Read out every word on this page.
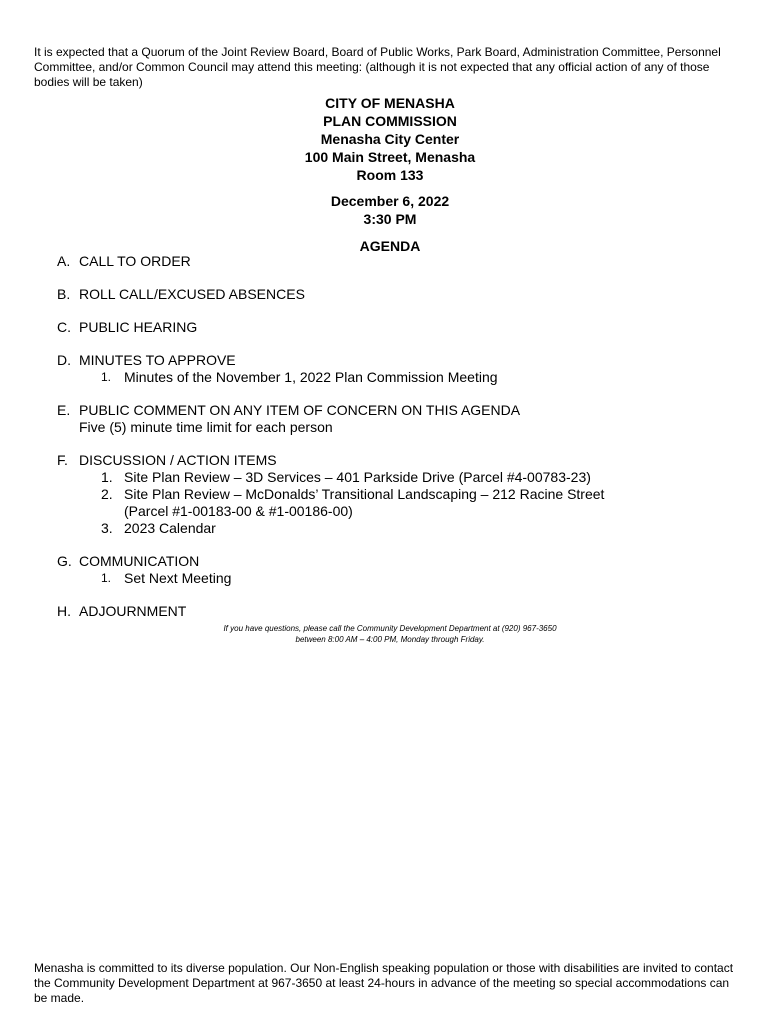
It is expected that a Quorum of the Joint Review Board, Board of Public Works, Park Board, Administration Committee, Personnel Committee, and/or Common Council may attend this meeting: (although it is not expected that any official action of any of those bodies will be taken)
CITY OF MENASHA
PLAN COMMISSION
Menasha City Center
100 Main Street, Menasha
Room 133
December 6, 2022
3:30 PM
AGENDA
A. CALL TO ORDER
B. ROLL CALL/EXCUSED ABSENCES
C. PUBLIC HEARING
D. MINUTES TO APPROVE
1. Minutes of the November 1, 2022 Plan Commission Meeting
E. PUBLIC COMMENT ON ANY ITEM OF CONCERN ON THIS AGENDA
Five (5) minute time limit for each person
F. DISCUSSION / ACTION ITEMS
1. Site Plan Review – 3D Services – 401 Parkside Drive (Parcel #4-00783-23)
2. Site Plan Review – McDonalds’ Transitional Landscaping – 212 Racine Street
(Parcel #1-00183-00 & #1-00186-00)
3. 2023 Calendar
G. COMMUNICATION
1. Set Next Meeting
H. ADJOURNMENT
If you have questions, please call the Community Development Department at (920) 967-3650
between 8:00 AM – 4:00 PM, Monday through Friday.
Menasha is committed to its diverse population. Our Non-English speaking population or those with disabilities are invited to contact the Community Development Department at 967-3650 at least 24-hours in advance of the meeting so special accommodations can be made.
